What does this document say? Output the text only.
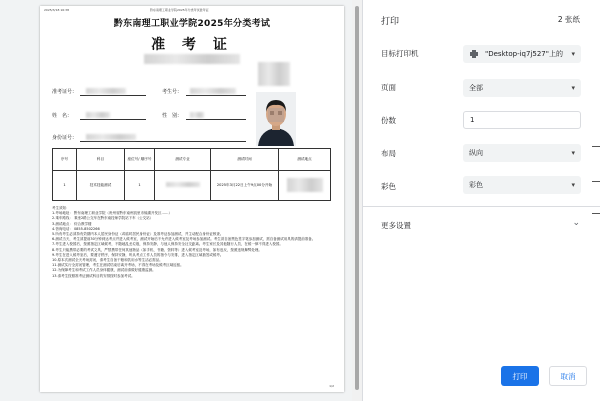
2025/3/18 16:38	黔东南理工职业学院2025年分类考试准考证
黔东南理工职业学院2025年分类考试
准 考 证
准考证号：	考生号：
姓　名：	性　别：
身份证号：
序号	科目	座位号/ 顺序号	测试专业	测试时间	测试地点
1	技术技能测试	1		2025年3月22日上午9点00分开始	
考生须知：
1.考场地址： 黔东南理工职业学院（贵州省黔东南州凯里市镜湖开发区……）
2.乘车路线： 乘坐2路公交车在黔东南技师学院站下车（公交站）
3.测试地点： 综合教学楼
4.咨询电话： 0855-8502266
5.所有考生必须持有效期内本人居民身份证（或临时居民身份证）及准考证参加测试，并主动配合身份证核查。
6.测试当天，考生须提前30分钟到达考点并进入候考室，测试开始后不允许进入候考室及考场参加测试。考生须自备黑色签字笔参加测试，需自备测试用具的请提前准备。
7.考生进入校园后，按照指定区域候考，不随地乱丢垃圾，保持安静，与他人保持安全社交距离。考生家长及其他随行人员，在候一律不得进入校园。
8.考生只能携带必要的考试文具，严禁携带任何其他物品（如手机、书籍、资料等）进入候考室及考场，如有违反，按照违规舞弊处理。
9.考生在进入候考室后，要遵守秩序，保持安静，听从考点工作人员的指令与安排，进入指定区域抽签或候考。
10.原本次测试全天考场封闭，请考生自备干粮和饮用水等生活必需品。
11.测试实行全封闭管理，考生在测试结束后离开考场，不得在考场及候考区域逗留。
12.为保障考生和考试工作人员身体健康，测试前请做好健康监测。
13.请考生按照准考证测试科目的安排按时参加考试。
1/2
打印	2 张纸
目标打印机	"Desktop-iq7j527"上的 ▾
页面	全部	▾
份数	1
布局	纵向	▾
彩色	彩色	▾
更多设置	⌄
打印	取消
